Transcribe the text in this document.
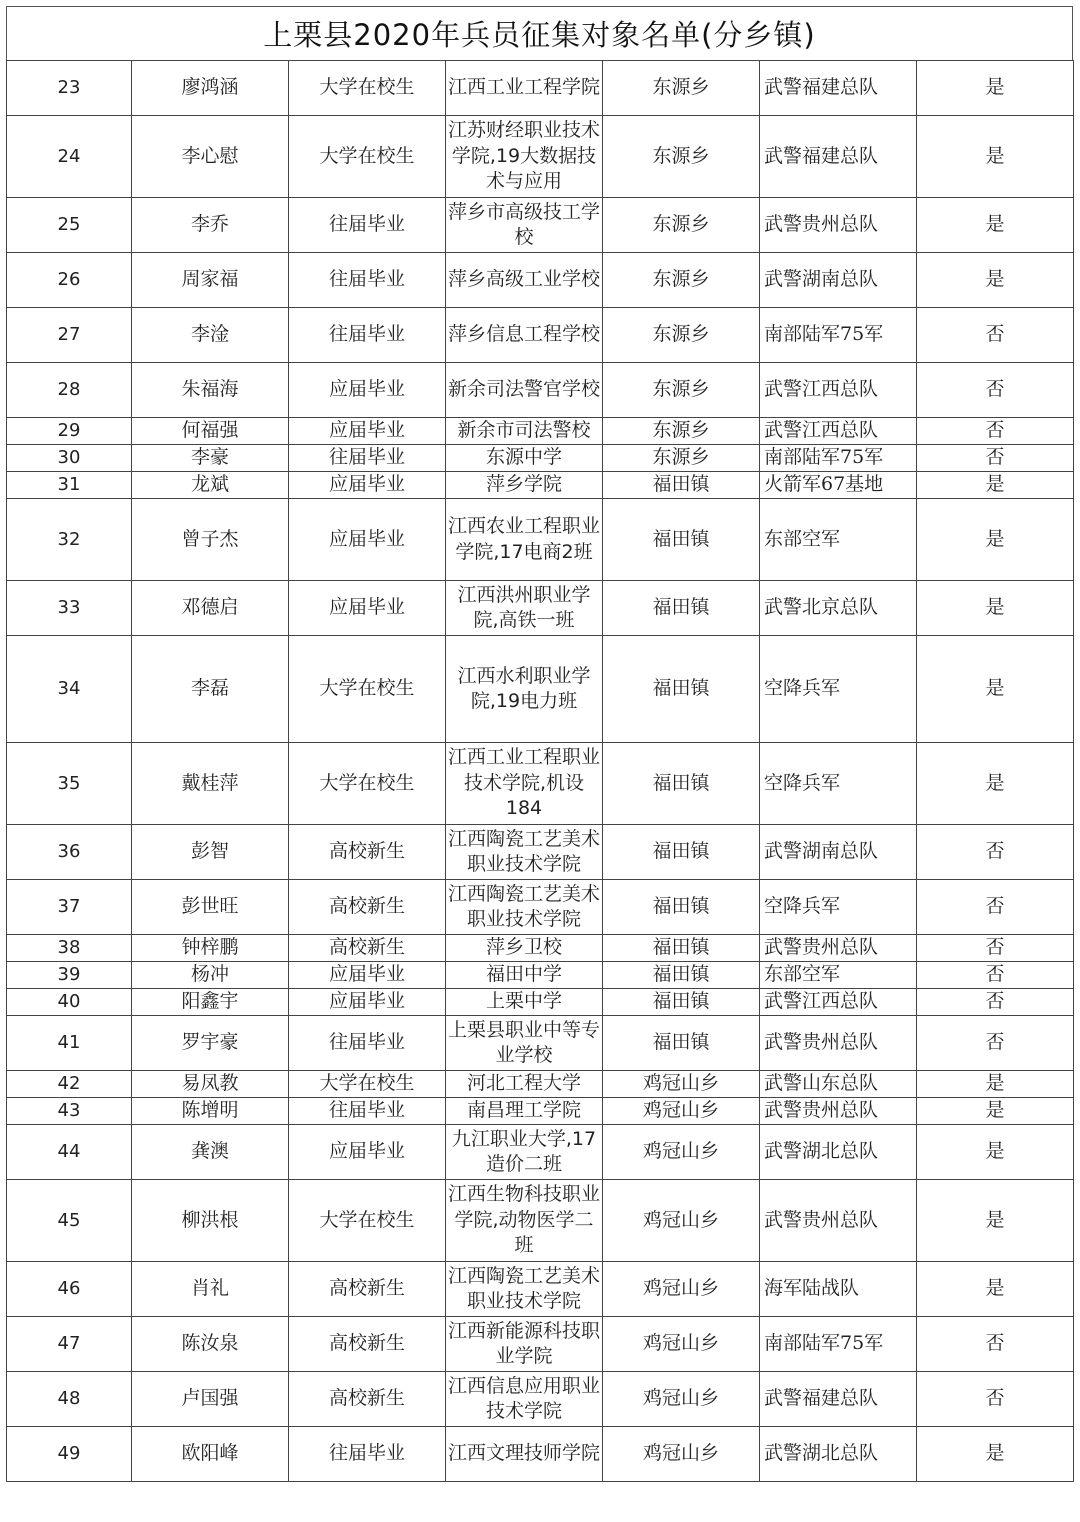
上栗县2020年兵员征集对象名单(分乡镇)
23	廖鸿涵	大学在校生	江西工业工程学院	东源乡	武警福建总队	是
24	李心慰	大学在校生	江苏财经职业技术学院,19大数据技术与应用	东源乡	武警福建总队	是
25	李乔	往届毕业	萍乡市高级技工学校	东源乡	武警贵州总队	是
26	周家福	往届毕业	萍乡高级工业学校	东源乡	武警湖南总队	是
27	李淦	往届毕业	萍乡信息工程学校	东源乡	南部陆军75军	否
28	朱福海	应届毕业	新余司法警官学校	东源乡	武警江西总队	否
29	何福强	应届毕业	新余市司法警校	东源乡	武警江西总队	否
30	李豪	往届毕业	东源中学	东源乡	南部陆军75军	否
31	龙斌	应届毕业	萍乡学院	福田镇	火箭军67基地	是
32	曾子杰	应届毕业	江西农业工程职业学院,17电商2班	福田镇	东部空军	是
33	邓德启	应届毕业	江西洪州职业学院,高铁一班	福田镇	武警北京总队	是
34	李磊	大学在校生	江西水利职业学院,19电力班	福田镇	空降兵军	是
35	戴桂萍	大学在校生	江西工业工程职业技术学院,机设184	福田镇	空降兵军	是
36	彭智	高校新生	江西陶瓷工艺美术职业技术学院	福田镇	武警湖南总队	否
37	彭世旺	高校新生	江西陶瓷工艺美术职业技术学院	福田镇	空降兵军	否
38	钟梓鹏	高校新生	萍乡卫校	福田镇	武警贵州总队	否
39	杨冲	应届毕业	福田中学	福田镇	东部空军	否
40	阳鑫宇	应届毕业	上栗中学	福田镇	武警江西总队	否
41	罗宇豪	往届毕业	上栗县职业中等专业学校	福田镇	武警贵州总队	否
42	易凤教	大学在校生	河北工程大学	鸡冠山乡	武警山东总队	是
43	陈增明	往届毕业	南昌理工学院	鸡冠山乡	武警贵州总队	是
44	龚澳	应届毕业	九江职业大学,17造价二班	鸡冠山乡	武警湖北总队	是
45	柳洪根	大学在校生	江西生物科技职业学院,动物医学二班	鸡冠山乡	武警贵州总队	是
46	肖礼	高校新生	江西陶瓷工艺美术职业技术学院	鸡冠山乡	海军陆战队	是
47	陈汝泉	高校新生	江西新能源科技职业学院	鸡冠山乡	南部陆军75军	否
48	卢国强	高校新生	江西信息应用职业技术学院	鸡冠山乡	武警福建总队	否
49	欧阳峰	往届毕业	江西文理技师学院	鸡冠山乡	武警湖北总队	是
